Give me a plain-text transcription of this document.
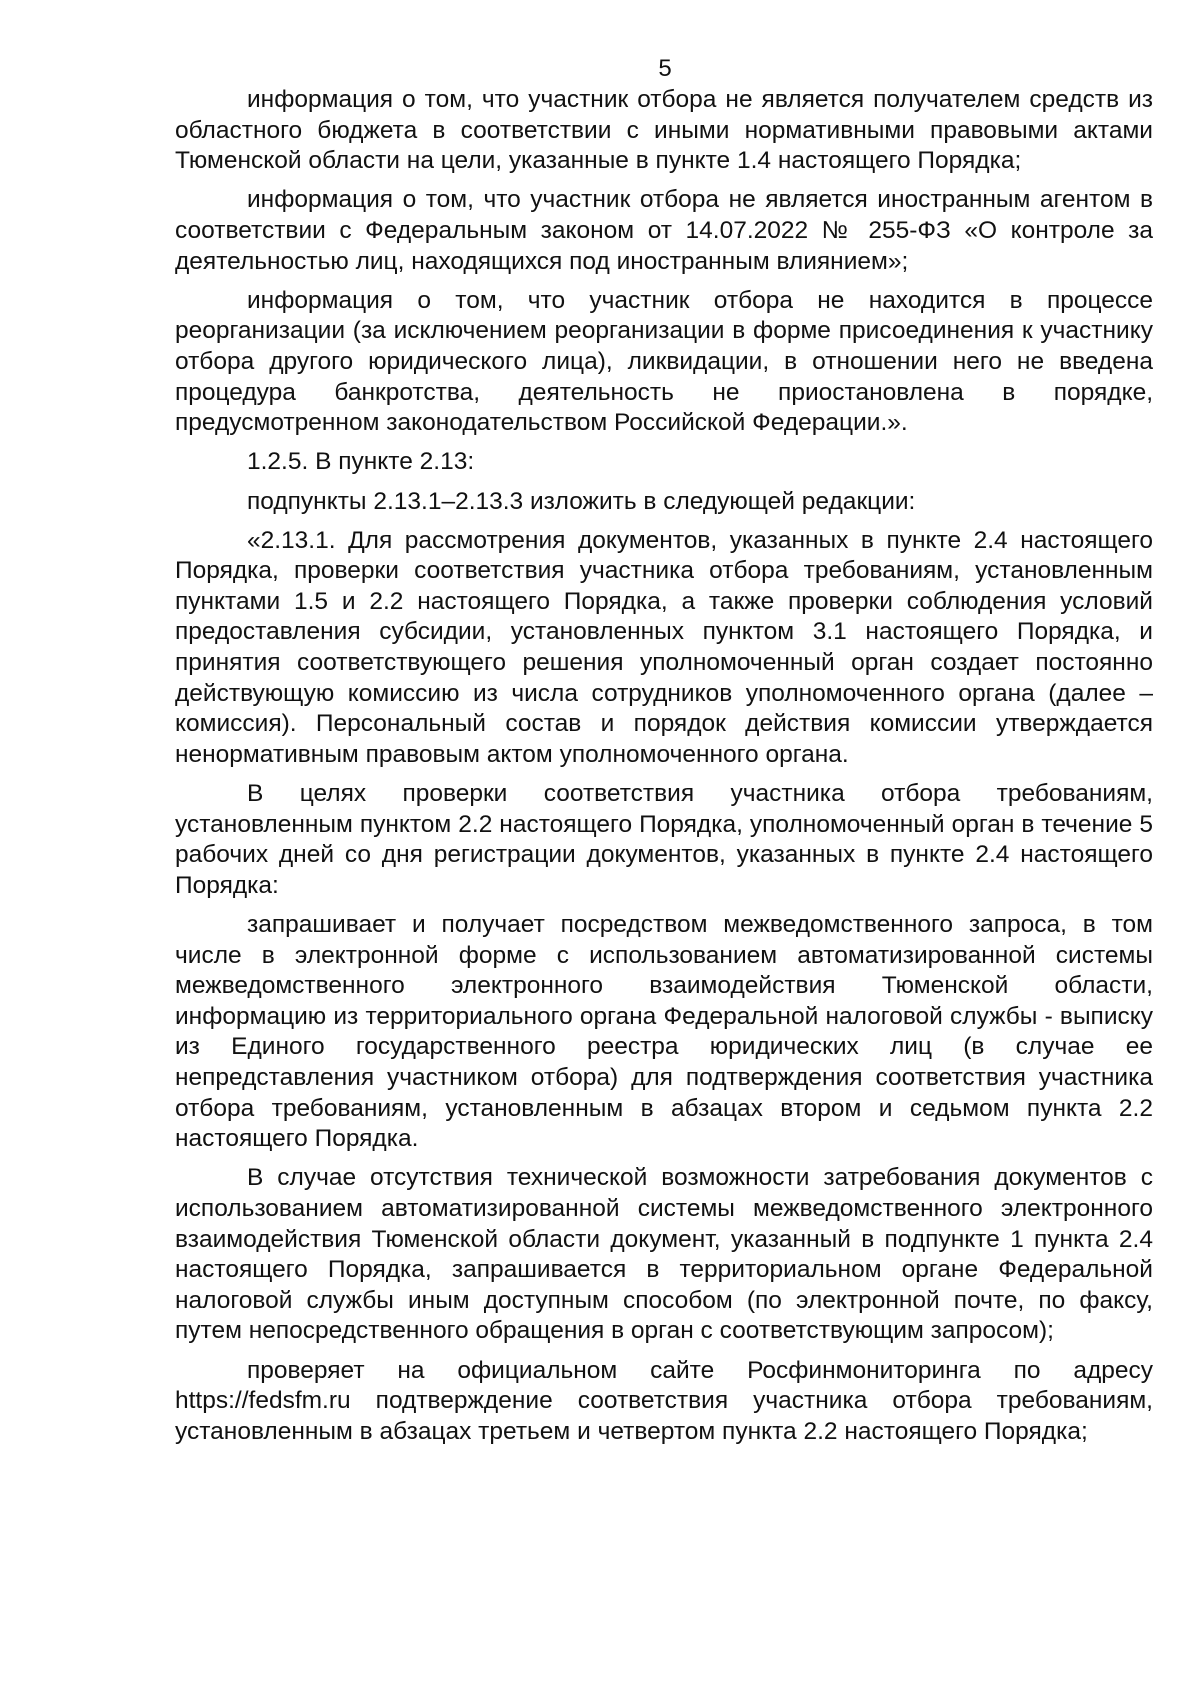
5

информация о том, что участник отбора не является получателем средств из областного бюджета в соответствии с иными нормативными правовыми актами Тюменской области на цели, указанные в пункте 1.4 настоящего Порядка;

информация о том, что участник отбора не является иностранным агентом в соответствии с Федеральным законом от 14.07.2022 № 255-ФЗ «О контроле за деятельностью лиц, находящихся под иностранным влиянием»;

информация о том, что участник отбора не находится в процессе реорганизации (за исключением реорганизации в форме присоединения к участнику отбора другого юридического лица), ликвидации, в отношении него не введена процедура банкротства, деятельность не приостановлена в порядке, предусмотренном законодательством Российской Федерации.».

1.2.5. В пункте 2.13:

подпункты 2.13.1–2.13.3 изложить в следующей редакции:

«2.13.1. Для рассмотрения документов, указанных в пункте 2.4 настоящего Порядка, проверки соответствия участника отбора требованиям, установленным пунктами 1.5 и 2.2 настоящего Порядка, а также проверки соблюдения условий предоставления субсидии, установленных пунктом 3.1 настоящего Порядка, и принятия соответствующего решения уполномоченный орган создает постоянно действующую комиссию из числа сотрудников уполномоченного органа (далее – комиссия). Персональный состав и порядок действия комиссии утверждается ненормативным правовым актом уполномоченного органа.

В целях проверки соответствия участника отбора требованиям, установленным пунктом 2.2 настоящего Порядка, уполномоченный орган в течение 5 рабочих дней со дня регистрации документов, указанных в пункте 2.4 настоящего Порядка:

запрашивает и получает посредством межведомственного запроса, в том числе в электронной форме с использованием автоматизированной системы межведомственного электронного взаимодействия Тюменской области, информацию из территориального органа Федеральной налоговой службы - выписку из Единого государственного реестра юридических лиц (в случае ее непредставления участником отбора) для подтверждения соответствия участника отбора требованиям, установленным в абзацах втором и седьмом пункта 2.2 настоящего Порядка.

В случае отсутствия технической возможности затребования документов с использованием автоматизированной системы межведомственного электронного взаимодействия Тюменской области документ, указанный в подпункте 1 пункта 2.4 настоящего Порядка, запрашивается в территориальном органе Федеральной налоговой службы иным доступным способом (по электронной почте, по факсу, путем непосредственного обращения в орган с соответствующим запросом);

проверяет на официальном сайте Росфинмониторинга по адресу https://fedsfm.ru подтверждение соответствия участника отбора требованиям, установленным в абзацах третьем и четвертом пункта 2.2 настоящего Порядка;
